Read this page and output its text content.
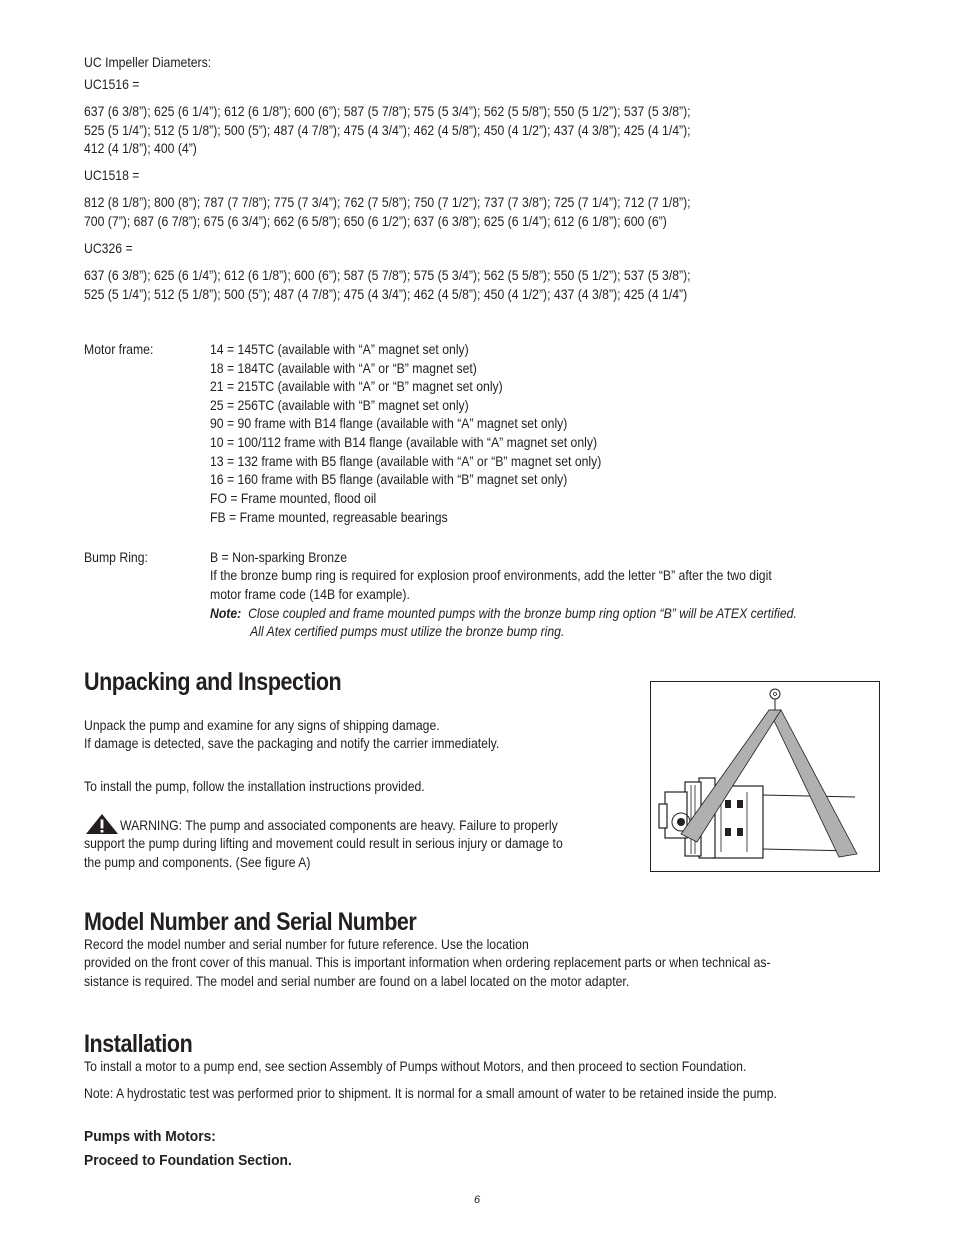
UC Impeller Diameters:
UC1516 =
637 (6 3/8”); 625 (6 1/4”); 612 (6 1/8”); 600 (6”); 587 (5 7/8”); 575 (5 3/4”); 562 (5 5/8”); 550 (5 1/2”); 537 (5 3/8”);
525 (5 1/4”); 512 (5 1/8”); 500 (5”); 487 (4 7/8”); 475 (4 3/4”); 462 (4 5/8”); 450 (4 1/2”); 437 (4 3/8”); 425 (4 1/4”);
412 (4 1/8”); 400 (4”)
UC1518 =
812 (8 1/8”); 800 (8”); 787 (7 7/8”); 775 (7 3/4”); 762 (7 5/8”); 750 (7 1/2”); 737 (7 3/8”); 725 (7 1/4”); 712 (7 1/8”);
700 (7”); 687 (6 7/8”); 675 (6 3/4”); 662 (6 5/8”); 650 (6 1/2”); 637 (6 3/8”); 625 (6 1/4”); 612 (6 1/8”); 600 (6”)
UC326 =
637 (6 3/8”); 625 (6 1/4”); 612 (6 1/8”); 600 (6”); 587 (5 7/8”); 575 (5 3/4”); 562 (5 5/8”); 550 (5 1/2”); 537 (5 3/8”);
525 (5 1/4”); 512 (5 1/8”); 500 (5”); 487 (4 7/8”); 475 (4 3/4”); 462 (4 5/8”); 450 (4 1/2”); 437 (4 3/8”); 425 (4 1/4”)
Motor frame:	14 = 145TC (available with “A” magnet set only)
18 = 184TC (available with “A” or “B” magnet set)
21 = 215TC (available with “A” or “B” magnet set only)
25 = 256TC (available with “B” magnet set only)
90 = 90 frame with B14 flange (available with “A” magnet set only)
10 = 100/112 frame with B14 flange (available with “A” magnet set only)
13 = 132 frame with B5 flange (available with “A” or “B” magnet set only)
16 = 160 frame with B5 flange (available with “B” magnet set only)
FO = Frame mounted, flood oil
FB = Frame mounted, regreasable bearings
Bump Ring:	B = Non-sparking Bronze
If the bronze bump ring is required for explosion proof environments, add the letter “B” after the two digit
motor frame code (14B for example).
Note: Close coupled and frame mounted pumps with the bronze bump ring option “B” will be ATEX certified.
All Atex certified pumps must utilize the bronze bump ring.
Unpacking and Inspection
Unpack the pump and examine for any signs of shipping damage.
If damage is detected, save the packaging and notify the carrier immediately.
To install the pump, follow the installation instructions provided.
WARNING: The pump and associated components are heavy. Failure to properly
support the pump during lifting and movement could result in serious injury or damage to
the pump and components. (See figure A)
Model Number and Serial Number
Record the model number and serial number for future reference. Use the location
provided on the front cover of this manual. This is important information when ordering replacement parts or when technical as-
sistance is required. The model and serial number are found on a label located on the motor adapter.
Installation
To install a motor to a pump end, see section Assembly of Pumps without Motors, and then proceed to section Foundation.
Note: A hydrostatic test was performed prior to shipment. It is normal for a small amount of water to be retained inside the pump.
Pumps with Motors:
Proceed to Foundation Section.
6
